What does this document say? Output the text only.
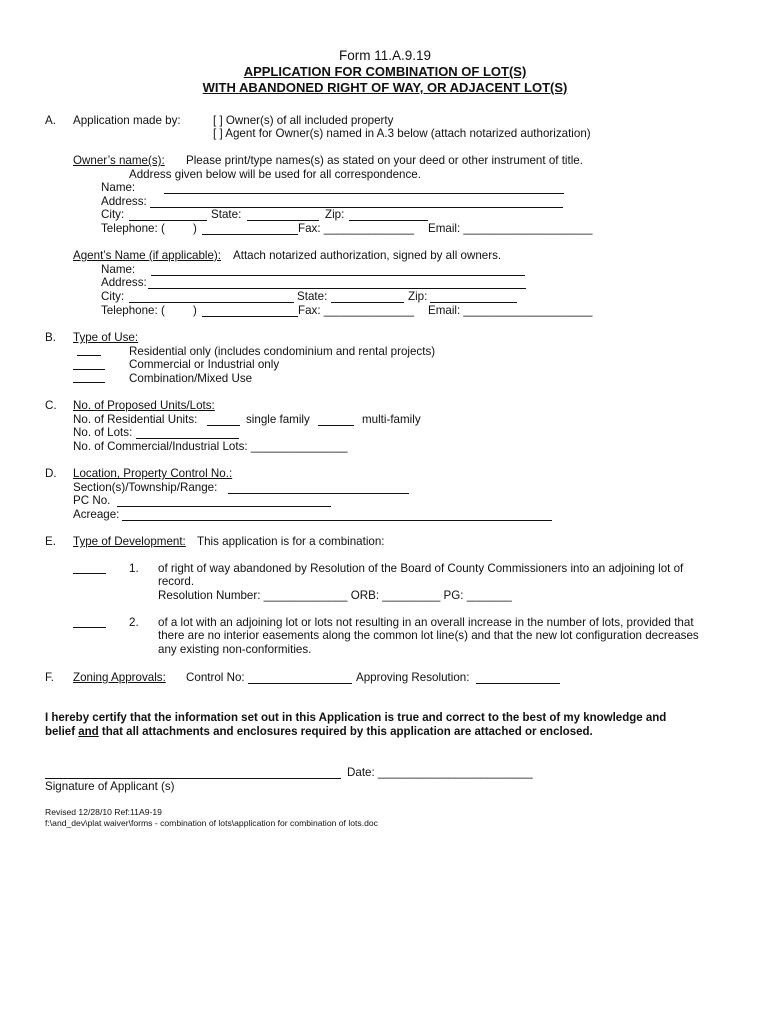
Form 11.A.9.19
APPLICATION FOR COMBINATION OF LOT(S)
WITH ABANDONED RIGHT OF WAY, OR ADJACENT LOT(S)
A. Application made by:	[ ] Owner(s) of all included property
[ ] Agent for Owner(s) named in A.3 below (attach notarized authorization)
Owner’s name(s): Please print/type names(s) as stated on your deed or other instrument of title.
Address given below will be used for all correspondence.
Name:
Address:
City:	State:	Zip:
Telephone: ( )	Fax: ______________ Email: ____________________
Agent’s Name (if applicable): Attach notarized authorization, signed by all owners.
Name:
Address:
City:	State:	Zip:
Telephone: ( )	Fax: ______________ Email: ____________________
B. Type of Use:
Residential only (includes condominium and rental projects)
Commercial or Industrial only
Combination/Mixed Use
C. No. of Proposed Units/Lots:
No. of Residential Units:	single family	multi-family
No. of Lots:
No. of Commercial/Industrial Lots: _______________
D. Location, Property Control No.:
Section(s)/Township/Range:
PC No.
Acreage:
E. Type of Development: This application is for a combination:
1. of right of way abandoned by Resolution of the Board of County Commissioners into an adjoining lot of
record.
Resolution Number: _____________ ORB: _________ PG: _______
2. of a lot with an adjoining lot or lots not resulting in an overall increase in the number of lots, provided that
there are no interior easements along the common lot line(s) and that the new lot configuration decreases
any existing non-conformities.
F. Zoning Approvals: Control No:	Approving Resolution:
I hereby certify that the information set out in this Application is true and correct to the best of my knowledge and
belief and that all attachments and enclosures required by this application are attached or enclosed.
Date: ________________________
Signature of Applicant (s)
Revised 12/28/10 Ref:11A9-19
f:\and_dev\plat waiver\forms - combination of lots\application for combination of lots.doc
